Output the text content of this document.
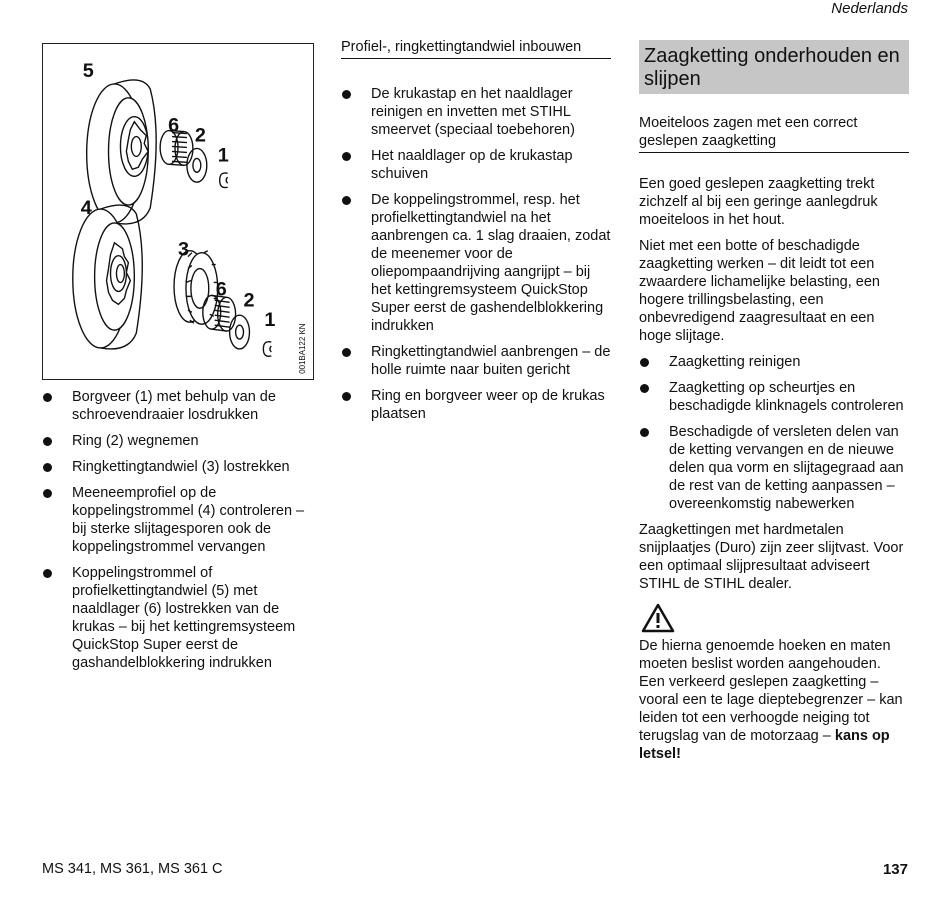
Nederlands
5
6 2
1
4
3
6 2
1
001BA122 KN
Borgveer (1) met behulp van de schroevendraaier losdrukken
Ring (2) wegnemen
Ringkettingtandwiel (3) lostrekken
Meeneemprofiel op de koppelingstrommel (4) controleren – bij sterke slijtagesporen ook de koppelingstrommel vervangen
Koppelingstrommel of profielkettingtandwiel (5) met naaldlager (6) lostrekken van de krukas – bij het kettingremsysteem QuickStop Super eerst de gashandelblokkering indrukken
Profiel-, ringkettingtandwiel inbouwen
De krukastap en het naaldlager reinigen en invetten met STIHL smeervet (speciaal toebehoren)
Het naaldlager op de krukastap schuiven
De koppelingstrommel, resp. het profielkettingtandwiel na het aanbrengen ca. 1 slag draaien, zodat de meenemer voor de oliepompaandrijving aangrijpt – bij het kettingremsysteem QuickStop Super eerst de gashendelblokkering indrukken
Ringkettingtandwiel aanbrengen – de holle ruimte naar buiten gericht
Ring en borgveer weer op de krukas plaatsen
Zaagketting onderhouden en slijpen
Moeiteloos zagen met een correct geslepen zaagketting

Een goed geslepen zaagketting trekt zichzelf al bij een geringe aanlegdruk moeiteloos in het hout.

Niet met een botte of beschadigde zaagketting werken – dit leidt tot een zwaardere lichamelijke belasting, een hogere trillingsbelasting, een onbevredigend zaagresultaat en een hoge slijtage.

Zaagketting reinigen
Zaagketting op scheurtjes en beschadigde klinknagels controleren
Beschadigde of versleten delen van de ketting vervangen en de nieuwe delen qua vorm en slijtagegraad aan de rest van de ketting aanpassen – overeenkomstig nabewerken

Zaagkettingen met hardmetalen snijplaatjes (Duro) zijn zeer slijtvast. Voor een optimaal slijpresultaat adviseert STIHL de STIHL dealer.

De hierna genoemde hoeken en maten moeten beslist worden aangehouden. Een verkeerd geslepen zaagketting – vooral een te lage dieptebegrenzer – kan leiden tot een verhoogde neiging tot terugslag van de motorzaag – kans op letsel!

MS 341, MS 361, MS 361 C	137
